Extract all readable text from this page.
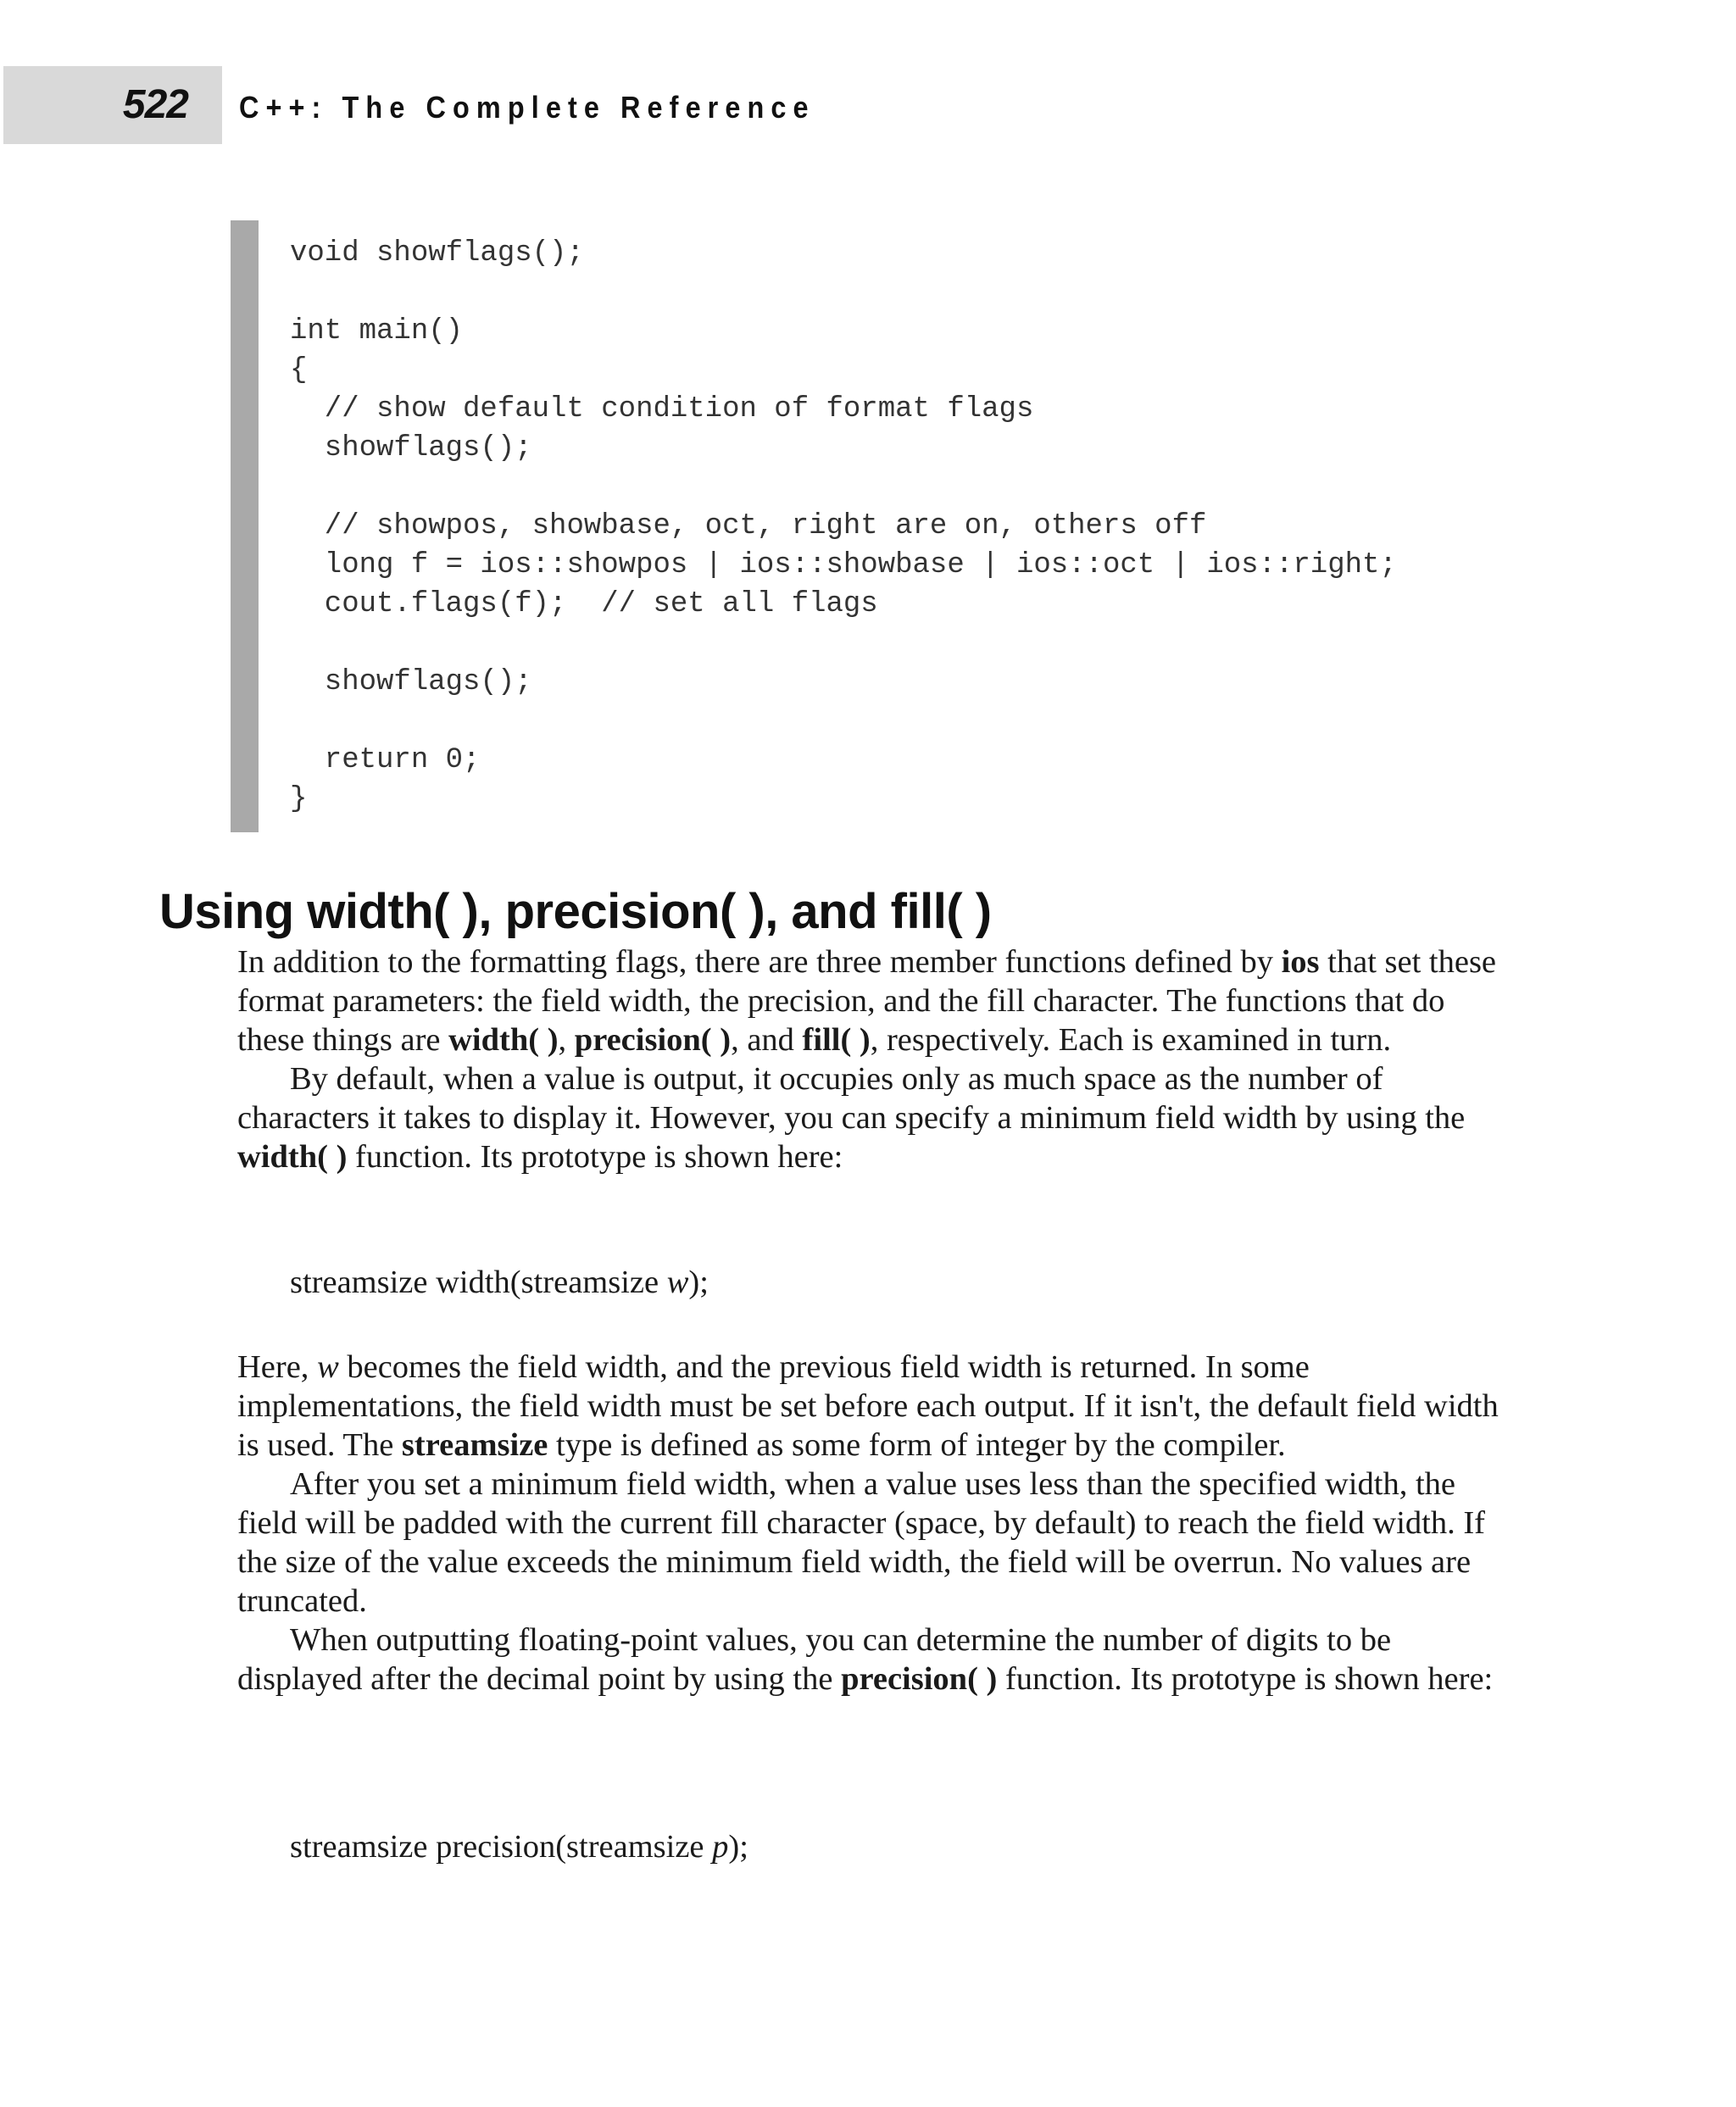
522 C++: The Complete Reference
void showflags();
int main()
{
// show default condition of format flags
showflags();
// showpos, showbase, oct, right are on, others off
long f = ios::showpos | ios::showbase | ios::oct | ios::right;
cout.flags(f);  // set all flags
showflags();
return 0;
}
Using width( ), precision( ), and fill( )

In addition to the formatting flags, there are three member functions defined by ios that set these format parameters: the field width, the precision, and the fill character. The functions that do these things are width( ), precision( ), and fill( ), respectively. Each is examined in turn.

By default, when a value is output, it occupies only as much space as the number of characters it takes to display it. However, you can specify a minimum field width by using the width( ) function. Its prototype is shown here:

streamsize width(streamsize w);

Here, w becomes the field width, and the previous field width is returned. In some implementations, the field width must be set before each output. If it isn't, the default field width is used. The streamsize type is defined as some form of integer by the compiler.

After you set a minimum field width, when a value uses less than the specified width, the field will be padded with the current fill character (space, by default) to reach the field width. If the size of the value exceeds the minimum field width, the field will be overrun. No values are truncated.

When outputting floating-point values, you can determine the number of digits to be displayed after the decimal point by using the precision( ) function. Its prototype is shown here:

streamsize precision(streamsize p);
